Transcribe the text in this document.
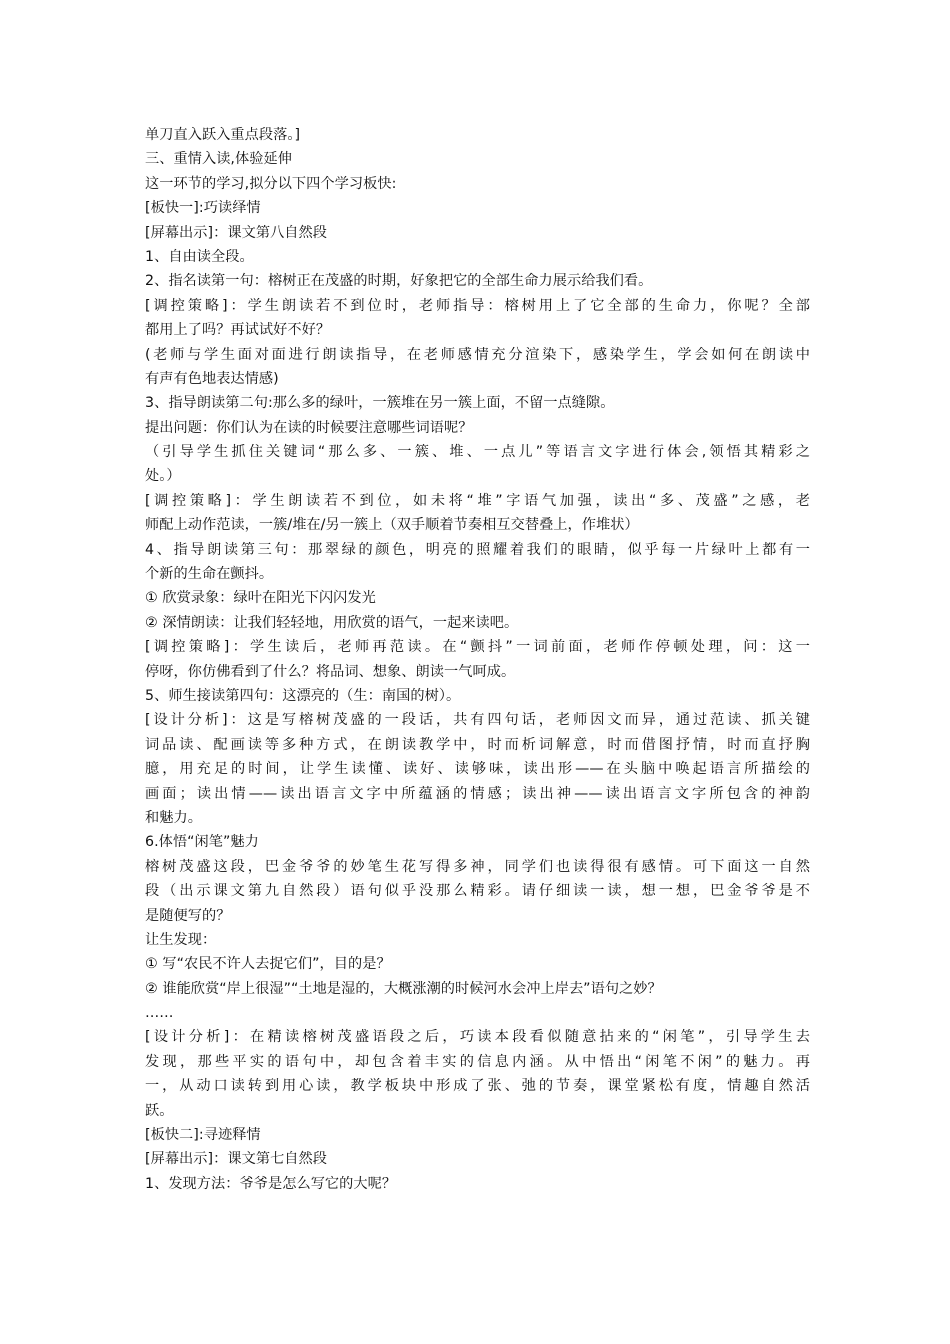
单刀直入跃入重点段落。]
三、重情入读,体验延伸
这一环节的学习,拟分以下四个学习板快:
[板快一]:巧读绎情
[屏幕出示]：课文第八自然段
1、自由读全段。
2、指名读第一句：榕树正在茂盛的时期，好象把它的全部生命力展示给我们看。
[调控策略]：学生朗读若不到位时，老师指导：榕树用上了它全部的生命力，你呢？全部
都用上了吗？再试试好不好？
(老师与学生面对面进行朗读指导，在老师感情充分渲染下，感染学生，学会如何在朗读中
有声有色地表达情感)
3、指导朗读第二句:那么多的绿叶，一簇堆在另一簇上面，不留一点缝隙。
提出问题：你们认为在读的时候要注意哪些词语呢？
（引导学生抓住关键词“那么多、一簇、堆、一点儿”等语言文字进行体会,领悟其精彩之
处。）
[调控策略]：学生朗读若不到位，如未将“堆”字语气加强，读出“多、茂盛”之感，老
师配上动作范读，一簇/堆在/另一簇上（双手顺着节奏相互交替叠上，作堆状）
4、指导朗读第三句：那翠绿的颜色，明亮的照耀着我们的眼睛，似乎每一片绿叶上都有一
个新的生命在颤抖。
① 欣赏录象：绿叶在阳光下闪闪发光
② 深情朗读：让我们轻轻地，用欣赏的语气，一起来读吧。
[调控策略]：学生读后，老师再范读。在“颤抖”一词前面，老师作停顿处理，问：这一
停呀，你仿佛看到了什么？将品词、想象、朗读一气呵成。
5、师生接读第四句：这漂亮的（生：南国的树）。
[设计分析]：这是写榕树茂盛的一段话，共有四句话，老师因文而异，通过范读、抓关键
词品读、配画读等多种方式，在朗读教学中，时而析词解意，时而借图抒情，时而直抒胸
臆，用充足的时间，让学生读懂、读好、读够味，读出形——在头脑中唤起语言所描绘的
画面；读出情——读出语言文字中所蕴涵的情感；读出神——读出语言文字所包含的神韵
和魅力。
6.体悟“闲笔”魅力
榕树茂盛这段，巴金爷爷的妙笔生花写得多神，同学们也读得很有感情。可下面这一自然
段（出示课文第九自然段）语句似乎没那么精彩。请仔细读一读，想一想，巴金爷爷是不
是随便写的？
让生发现：
① 写“农民不许人去捉它们”，目的是？
② 谁能欣赏“岸上很湿”“土地是湿的，大概涨潮的时候河水会冲上岸去”语句之妙？
……
[设计分析]：在精读榕树茂盛语段之后，巧读本段看似随意拈来的“闲笔”，引导学生去
发现，那些平实的语句中，却包含着丰实的信息内涵。从中悟出“闲笔不闲”的魅力。再
一，从动口读转到用心读，教学板块中形成了张、弛的节奏，课堂紧松有度，情趣自然活
跃。
[板快二]:寻迹释情
[屏幕出示]：课文第七自然段
1、发现方法：爷爷是怎么写它的大呢？
